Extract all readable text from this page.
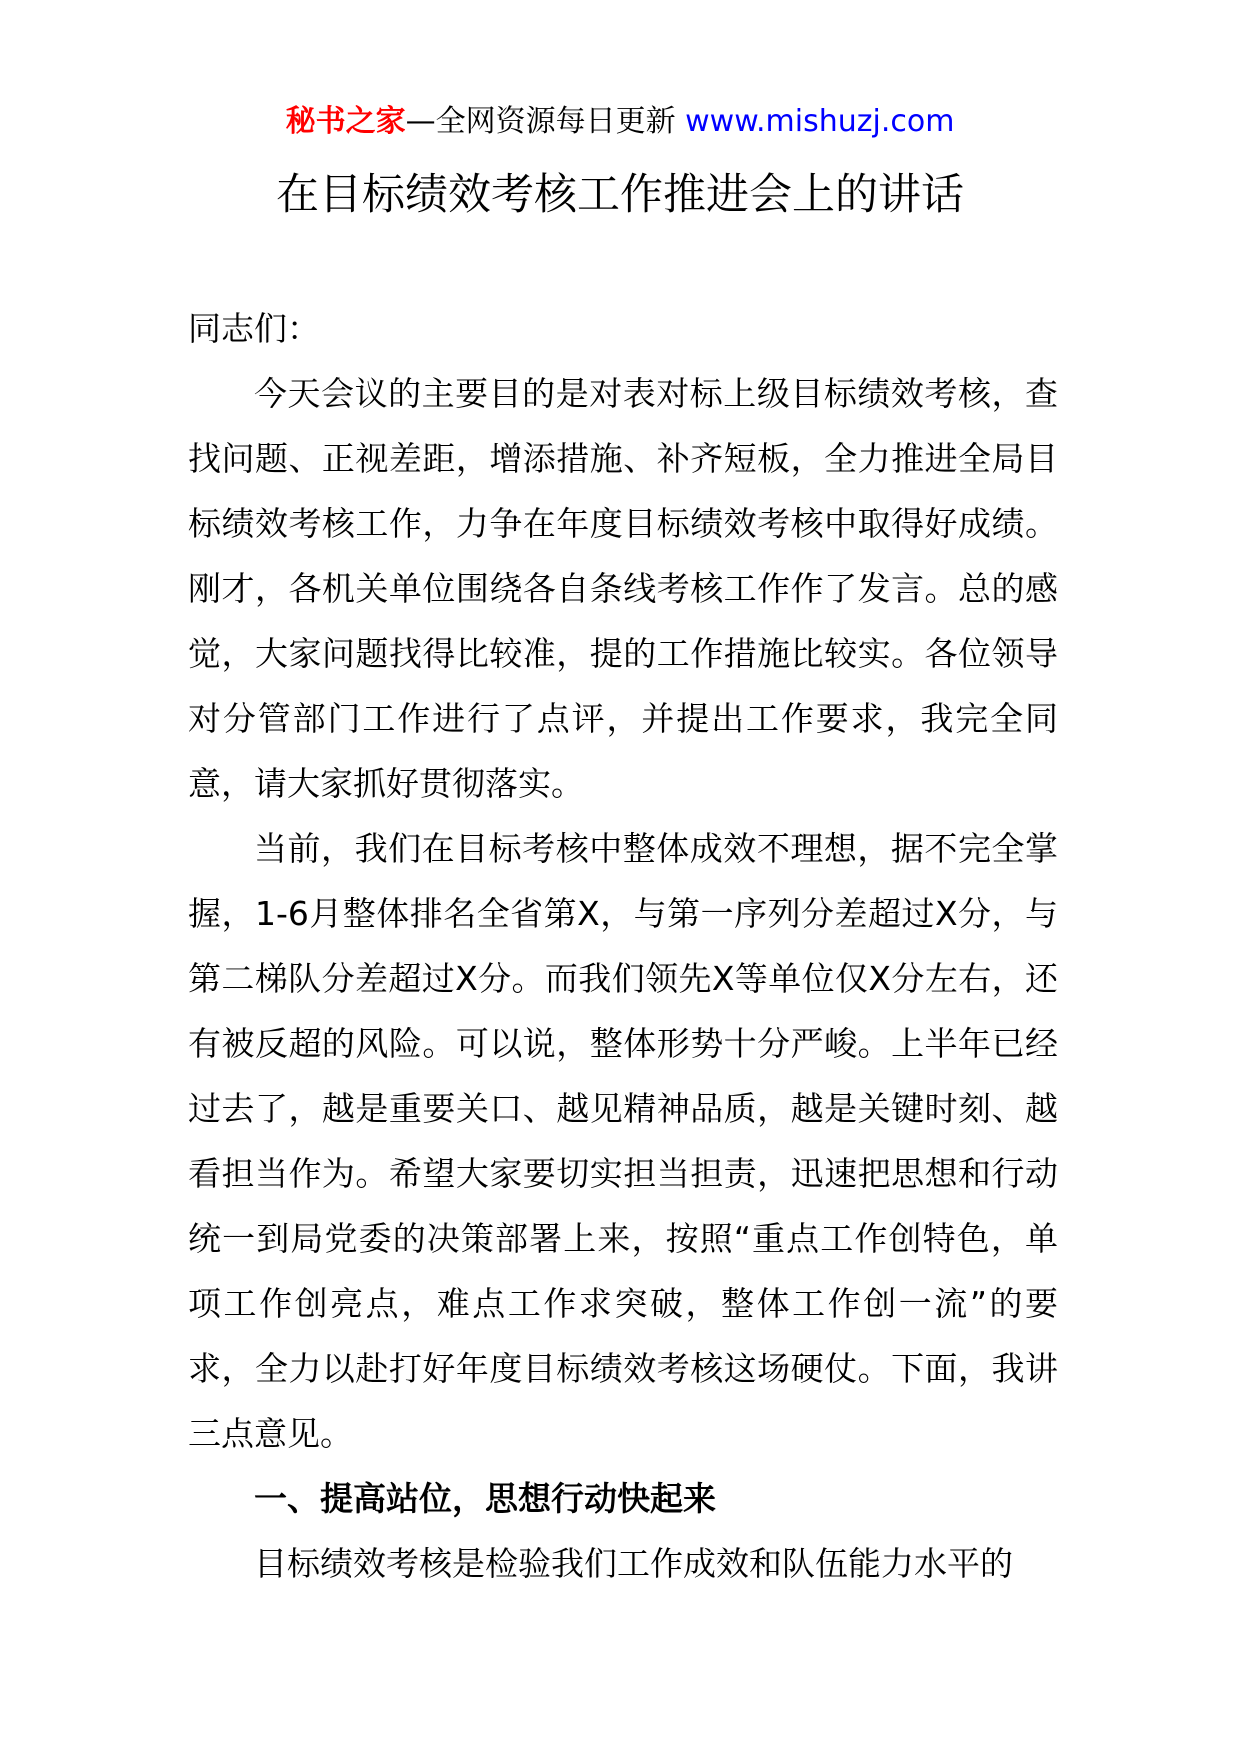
秘书之家—全网资源每日更新 www.mishuzj.com
在目标绩效考核工作推进会上的讲话

同志们：

今天会议的主要目的是对表对标上级目标绩效考核，查找问题、正视差距，增添措施、补齐短板，全力推进全局目标绩效考核工作，力争在年度目标绩效考核中取得好成绩。刚才，各机关单位围绕各自条线考核工作作了发言。总的感觉，大家问题找得比较准，提的工作措施比较实。各位领导对分管部门工作进行了点评，并提出工作要求，我完全同意，请大家抓好贯彻落实。

当前，我们在目标考核中整体成效不理想，据不完全掌握，1-6月整体排名全省第X，与第一序列分差超过X分，与第二梯队分差超过X分。而我们领先X等单位仅X分左右，还有被反超的风险。可以说，整体形势十分严峻。上半年已经过去了，越是重要关口、越见精神品质，越是关键时刻、越看担当作为。希望大家要切实担当担责，迅速把思想和行动统一到局党委的决策部署上来，按照“重点工作创特色，单项工作创亮点，难点工作求突破，整体工作创一流”的要求，全力以赴打好年度目标绩效考核这场硬仗。下面，我讲三点意见。

一、提高站位，思想行动快起来

目标绩效考核是检验我们工作成效和队伍能力水平的
